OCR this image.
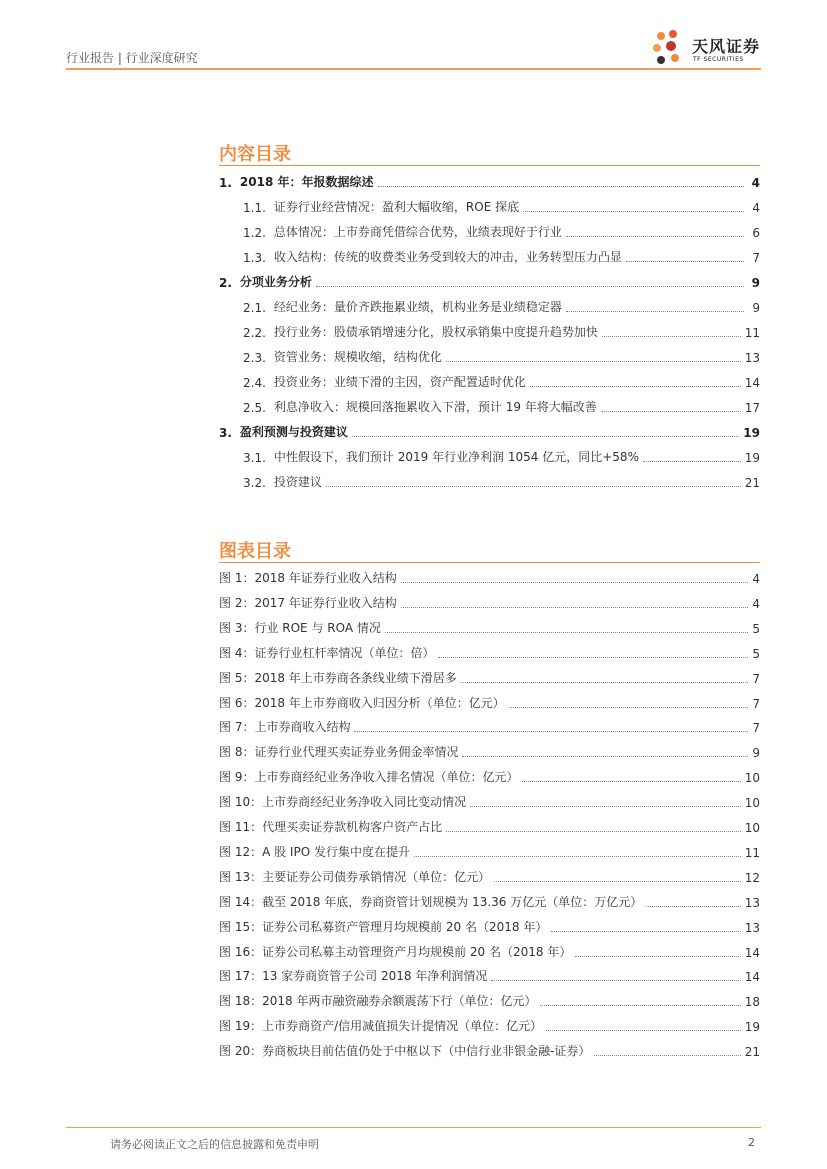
行业报告 | 行业深度研究
天风证券
TF SECURITIES
内容目录
1. 2018 年：年报数据综述	4
1.1. 证券行业经营情况：盈利大幅收缩，ROE 探底	4
1.2. 总体情况：上市券商凭借综合优势，业绩表现好于行业	6
1.3. 收入结构：传统的收费类业务受到较大的冲击，业务转型压力凸显	7
2. 分项业务分析	9
2.1. 经纪业务：量价齐跌拖累业绩，机构业务是业绩稳定器	9
2.2. 投行业务：股债承销增速分化，股权承销集中度提升趋势加快	11
2.3. 资管业务：规模收缩，结构优化	13
2.4. 投资业务：业绩下滑的主因，资产配置适时优化	14
2.5. 利息净收入：规模回落拖累收入下滑，预计 19 年将大幅改善	17
3. 盈利预测与投资建议	19
3.1. 中性假设下，我们预计 2019 年行业净利润 1054 亿元，同比+58%	19
3.2. 投资建议	21
图表目录
图 1：2018 年证券行业收入结构	4
图 2：2017 年证券行业收入结构	4
图 3：行业 ROE 与 ROA 情况	5
图 4：证券行业杠杆率情况（单位：倍）	5
图 5：2018 年上市券商各条线业绩下滑居多	7
图 6：2018 年上市券商收入归因分析（单位：亿元）	7
图 7：上市券商收入结构	7
图 8：证券行业代理买卖证券业务佣金率情况	9
图 9：上市券商经纪业务净收入排名情况（单位：亿元）	10
图 10：上市券商经纪业务净收入同比变动情况	10
图 11：代理买卖证券款机构客户资产占比	10
图 12：A 股 IPO 发行集中度在提升	11
图 13：主要证券公司债券承销情况（单位：亿元）	12
图 14：截至 2018 年底，券商资管计划规模为 13.36 万亿元（单位：万亿元）	13
图 15：证券公司私募资产管理月均规模前 20 名（2018 年）	13
图 16：证券公司私募主动管理资产月均规模前 20 名（2018 年）	14
图 17：13 家券商资管子公司 2018 年净利润情况	14
图 18：2018 年两市融资融券余额震荡下行（单位：亿元）	18
图 19：上市券商资产/信用减值损失计提情况（单位：亿元）	19
图 20：券商板块目前估值仍处于中枢以下（中信行业非银金融-证券）	21
请务必阅读正文之后的信息披露和免责申明	2
